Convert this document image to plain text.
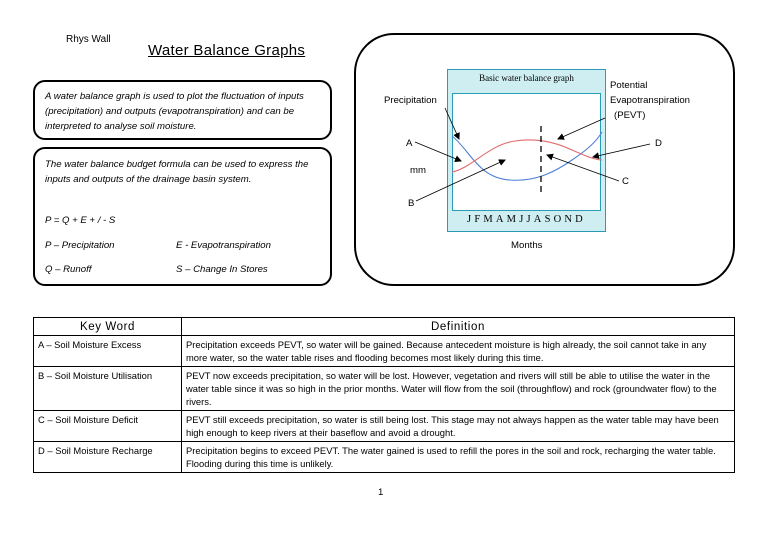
Rhys Wall
Water Balance Graphs
A water balance graph is used to plot the fluctuation of inputs (precipitation) and outputs (evapotranspiration) and can be interpreted to analyse soil moisture.
The water balance budget formula can be used to express the inputs and outputs of the drainage basin system.
P = Q + E + / - S
P – Precipitation	E - Evapotranspiration
Q – Runoff	S – Change In Stores
Basic water balance graph
JFMAMJJASOND
Precipitation
Potential
Evapotranspiration
(PEVT)
A
mm
B
C
D
Months
Key Word	Definition
A – Soil Moisture Excess	Precipitation exceeds PEVT, so water will be gained. Because antecedent moisture is high already, the soil cannot take in any more water, so the water table rises and flooding becomes most likely during this time.
B – Soil Moisture Utilisation	PEVT now exceeds precipitation, so water will be lost. However, vegetation and rivers will still be able to utilise the water in the water table since it was so high in the prior months. Water will flow from the soil (throughflow) and rock (groundwater flow) to the rivers.
C – Soil Moisture Deficit	PEVT still exceeds precipitation, so water is still being lost. This stage may not always happen as the water table may have been high enough to keep rivers at their baseflow and avoid a drought.
D – Soil Moisture Recharge	Precipitation begins to exceed PEVT. The water gained is used to refill the pores in the soil and rock, recharging the water table. Flooding during this time is unlikely.
1
